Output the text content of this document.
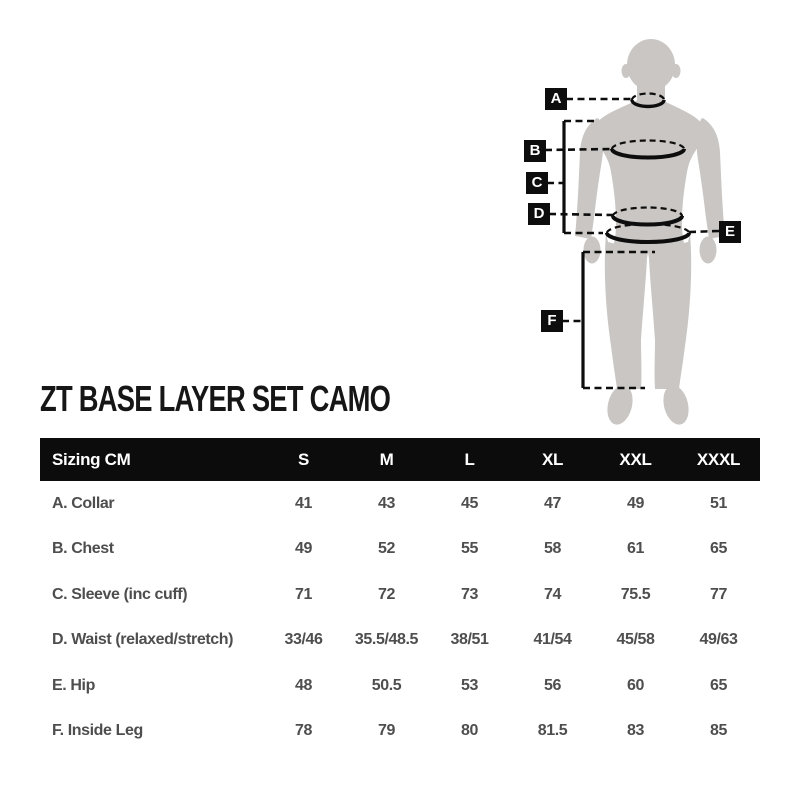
A
B
C
D
E
F
ZT BASE LAYER SET CAMO
Sizing CM	S	M	L	XL	XXL	XXXL
A. Collar	41	43	45	47	49	51
B. Chest	49	52	55	58	61	65
C. Sleeve (inc cuff)	71	72	73	74	75.5	77
D. Waist (relaxed/stretch)	33/46	35.5/48.5	38/51	41/54	45/58	49/63
E. Hip	48	50.5	53	56	60	65
F. Inside Leg	78	79	80	81.5	83	85
